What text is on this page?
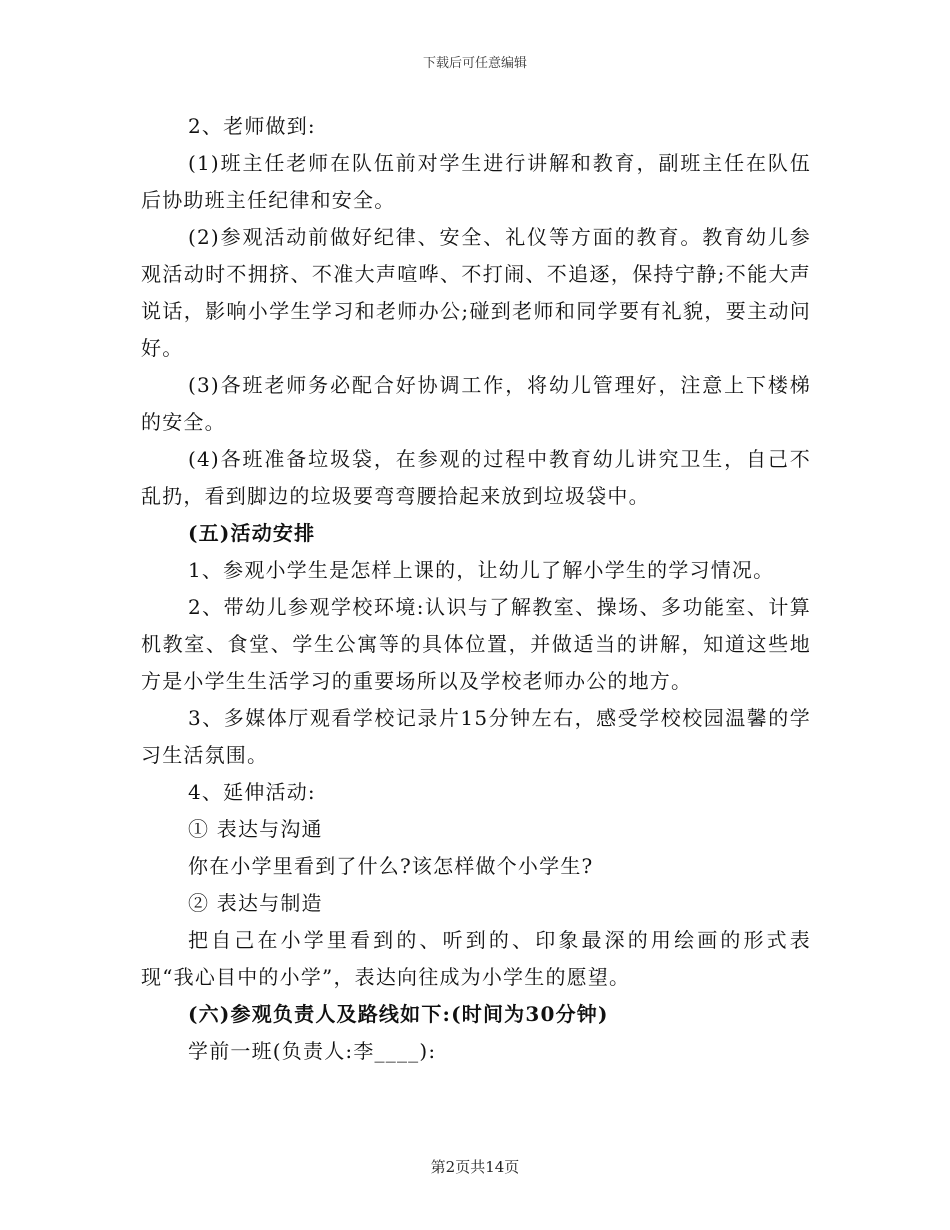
下载后可任意编辑

2、老师做到:

(1)班主任老师在队伍前对学生进行讲解和教育，副班主任在队伍后协助班主任纪律和安全。

(2)参观活动前做好纪律、安全、礼仪等方面的教育。教育幼儿参观活动时不拥挤、不准大声喧哗、不打闹、不追逐，保持宁静;不能大声说话，影响小学生学习和老师办公;碰到老师和同学要有礼貌，要主动问好。

(3)各班老师务必配合好协调工作，将幼儿管理好，注意上下楼梯的安全。

(4)各班准备垃圾袋，在参观的过程中教育幼儿讲究卫生，自己不乱扔，看到脚边的垃圾要弯弯腰拾起来放到垃圾袋中。

(五)活动安排

1、参观小学生是怎样上课的，让幼儿了解小学生的学习情况。

2、带幼儿参观学校环境:认识与了解教室、操场、多功能室、计算机教室、食堂、学生公寓等的具体位置，并做适当的讲解，知道这些地方是小学生生活学习的重要场所以及学校老师办公的地方。

3、多媒体厅观看学校记录片15分钟左右，感受学校校园温馨的学习生活氛围。

4、延伸活动:

① 表达与沟通

你在小学里看到了什么?该怎样做个小学生?

② 表达与制造

把自己在小学里看到的、听到的、印象最深的用绘画的形式表现“我心目中的小学”，表达向往成为小学生的愿望。

(六)参观负责人及路线如下:(时间为30分钟)

学前一班(负责人:李____):

第2页共14页
